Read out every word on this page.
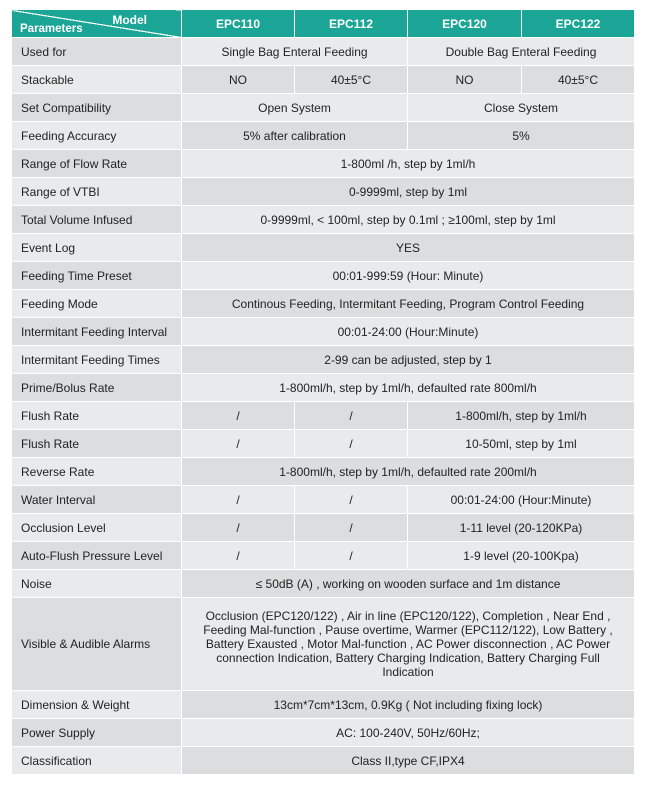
Model
Parameters	EPC110	EPC112	EPC120	EPC122
Used for	Single Bag Enteral Feeding		Double Bag Enteral Feeding	
Stackable	NO	40±5°C	NO	40±5°C
Set Compatibility	Open System		Close System	
Feeding Accuracy	5% after calibration		5%	
Range of Flow Rate	1-800ml /h, step by 1ml/h			
Range of VTBI	0-9999ml, step by 1ml			
Total Volume Infused	0-9999ml, < 100ml, step by 0.1ml ; ≥100ml, step by 1ml			
Event Log	YES			
Feeding Time Preset	00:01-999:59 (Hour: Minute)			
Feeding Mode	Continous Feeding, Intermitant Feeding, Program Control Feeding			
Intermitant Feeding Interval	00:01-24:00 (Hour:Minute)			
Intermitant Feeding Times	2-99 can be adjusted, step by 1			
Prime/Bolus Rate	1-800ml/h, step by 1ml/h, defaulted rate 800ml/h			
Flush Rate	/	/	1-800ml/h, step by 1ml/h	
Flush Rate	/	/	10-50ml, step by 1ml	
Reverse Rate	1-800ml/h, step by 1ml/h, defaulted rate 200ml/h			
Water Interval	/	/	00:01-24:00 (Hour:Minute)	
Occlusion Level	/	/	1-11 level (20-120KPa)	
Auto-Flush Pressure Level	/	/	1-9 level (20-100Kpa)	
Noise	≤ 50dB (A) , working on wooden surface and 1m distance			
Visible & Audible Alarms	Occlusion (EPC120/122) , Air in line (EPC120/122), Completion , Near End , Feeding Mal-function , Pause overtime, Warmer (EPC112/122), Low Battery , Battery Exausted , Motor Mal-function , AC Power disconnection , AC Power connection Indication, Battery Charging Indication, Battery Charging Full Indication			
Dimension & Weight	13cm*7cm*13cm, 0.9Kg ( Not including fixing lock)			
Power Supply	AC: 100-240V, 50Hz/60Hz;			
Classification	Class II,type CF,IPX4			
